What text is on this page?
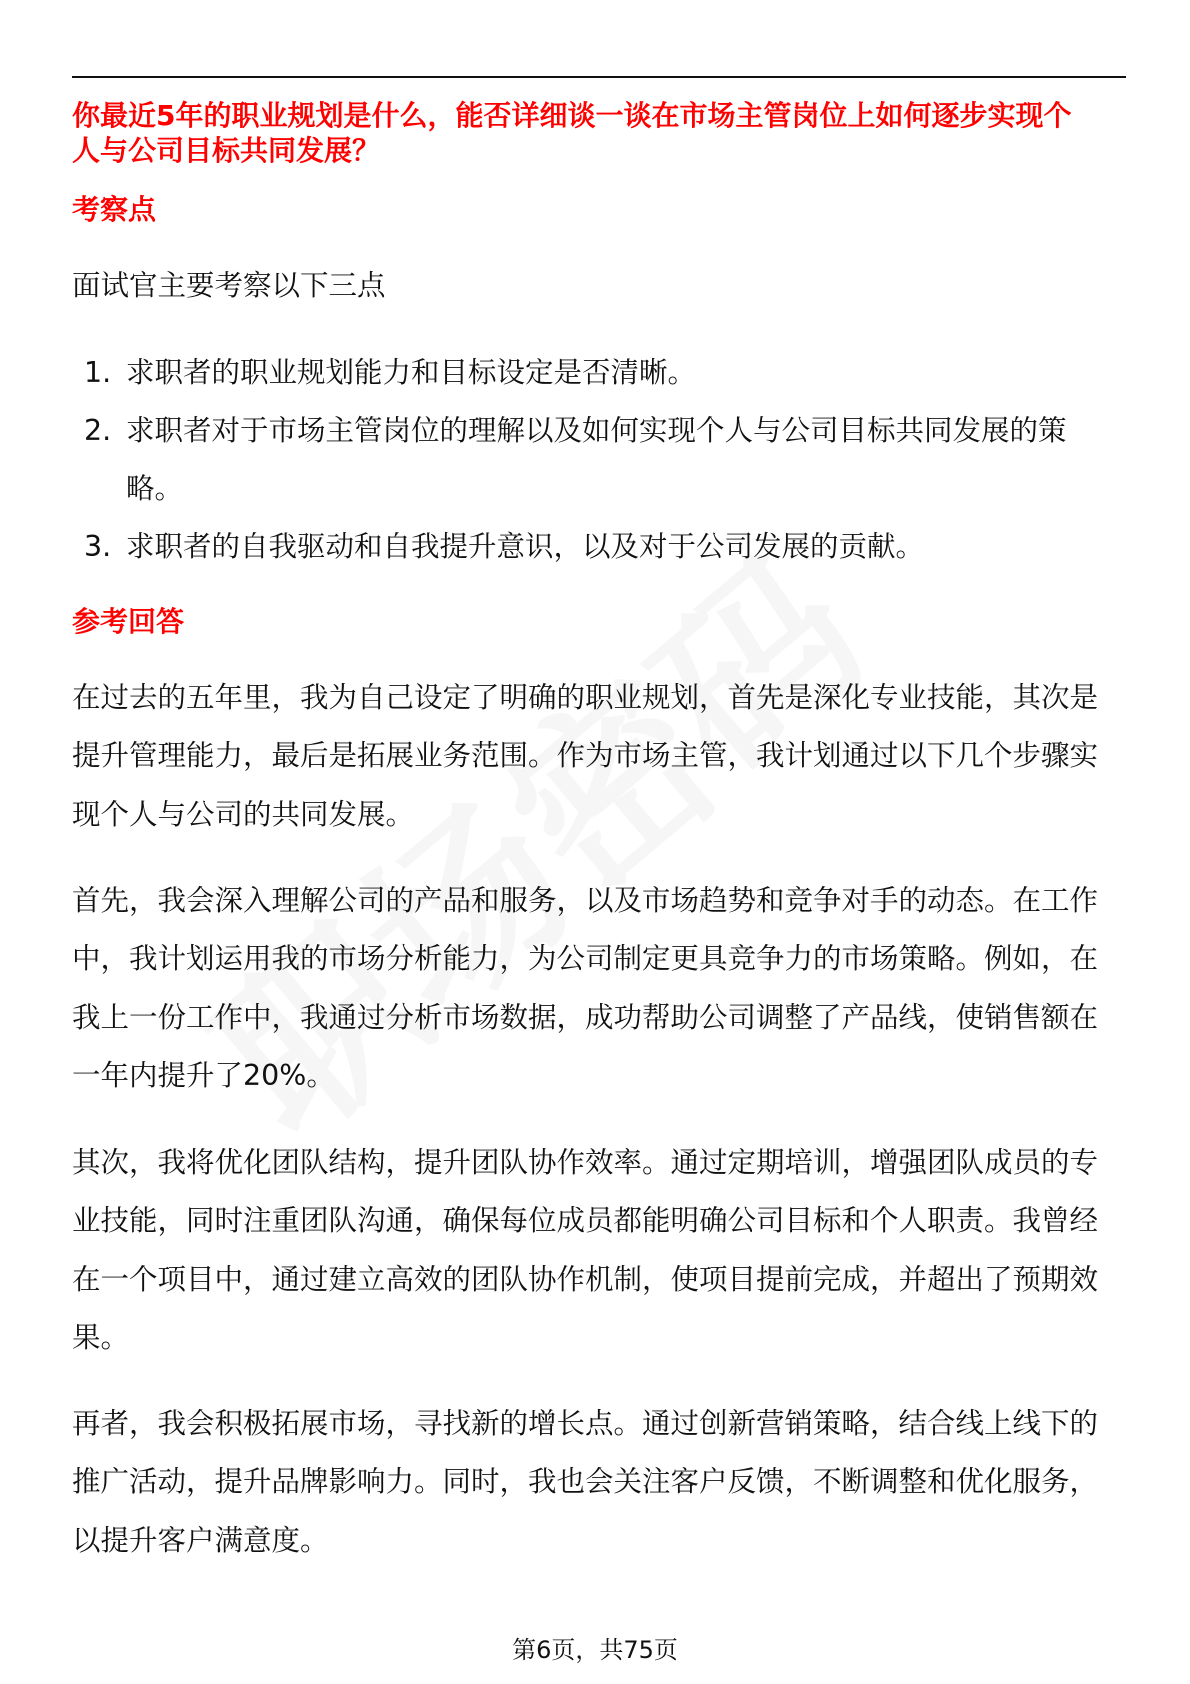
你最近5年的职业规划是什么，能否详细谈一谈在市场主管岗位上如何逐步实现个
人与公司目标共同发展？
考察点
面试官主要考察以下三点
1. 求职者的职业规划能力和目标设定是否清晰。
2. 求职者对于市场主管岗位的理解以及如何实现个人与公司目标共同发展的策
略。
3. 求职者的自我驱动和自我提升意识，以及对于公司发展的贡献。
参考回答
在过去的五年里，我为自己设定了明确的职业规划，首先是深化专业技能，其次是
提升管理能力，最后是拓展业务范围。作为市场主管，我计划通过以下几个步骤实
现个人与公司的共同发展。
首先，我会深入理解公司的产品和服务，以及市场趋势和竞争对手的动态。在工作
中，我计划运用我的市场分析能力，为公司制定更具竞争力的市场策略。例如，在
我上一份工作中，我通过分析市场数据，成功帮助公司调整了产品线，使销售额在
一年内提升了20%。
其次，我将优化团队结构，提升团队协作效率。通过定期培训，增强团队成员的专
业技能，同时注重团队沟通，确保每位成员都能明确公司目标和个人职责。我曾经
在一个项目中，通过建立高效的团队协作机制，使项目提前完成，并超出了预期效
果。
再者，我会积极拓展市场，寻找新的增长点。通过创新营销策略，结合线上线下的
推广活动，提升品牌影响力。同时，我也会关注客户反馈，不断调整和优化服务，
以提升客户满意度。
第6页，共75页
